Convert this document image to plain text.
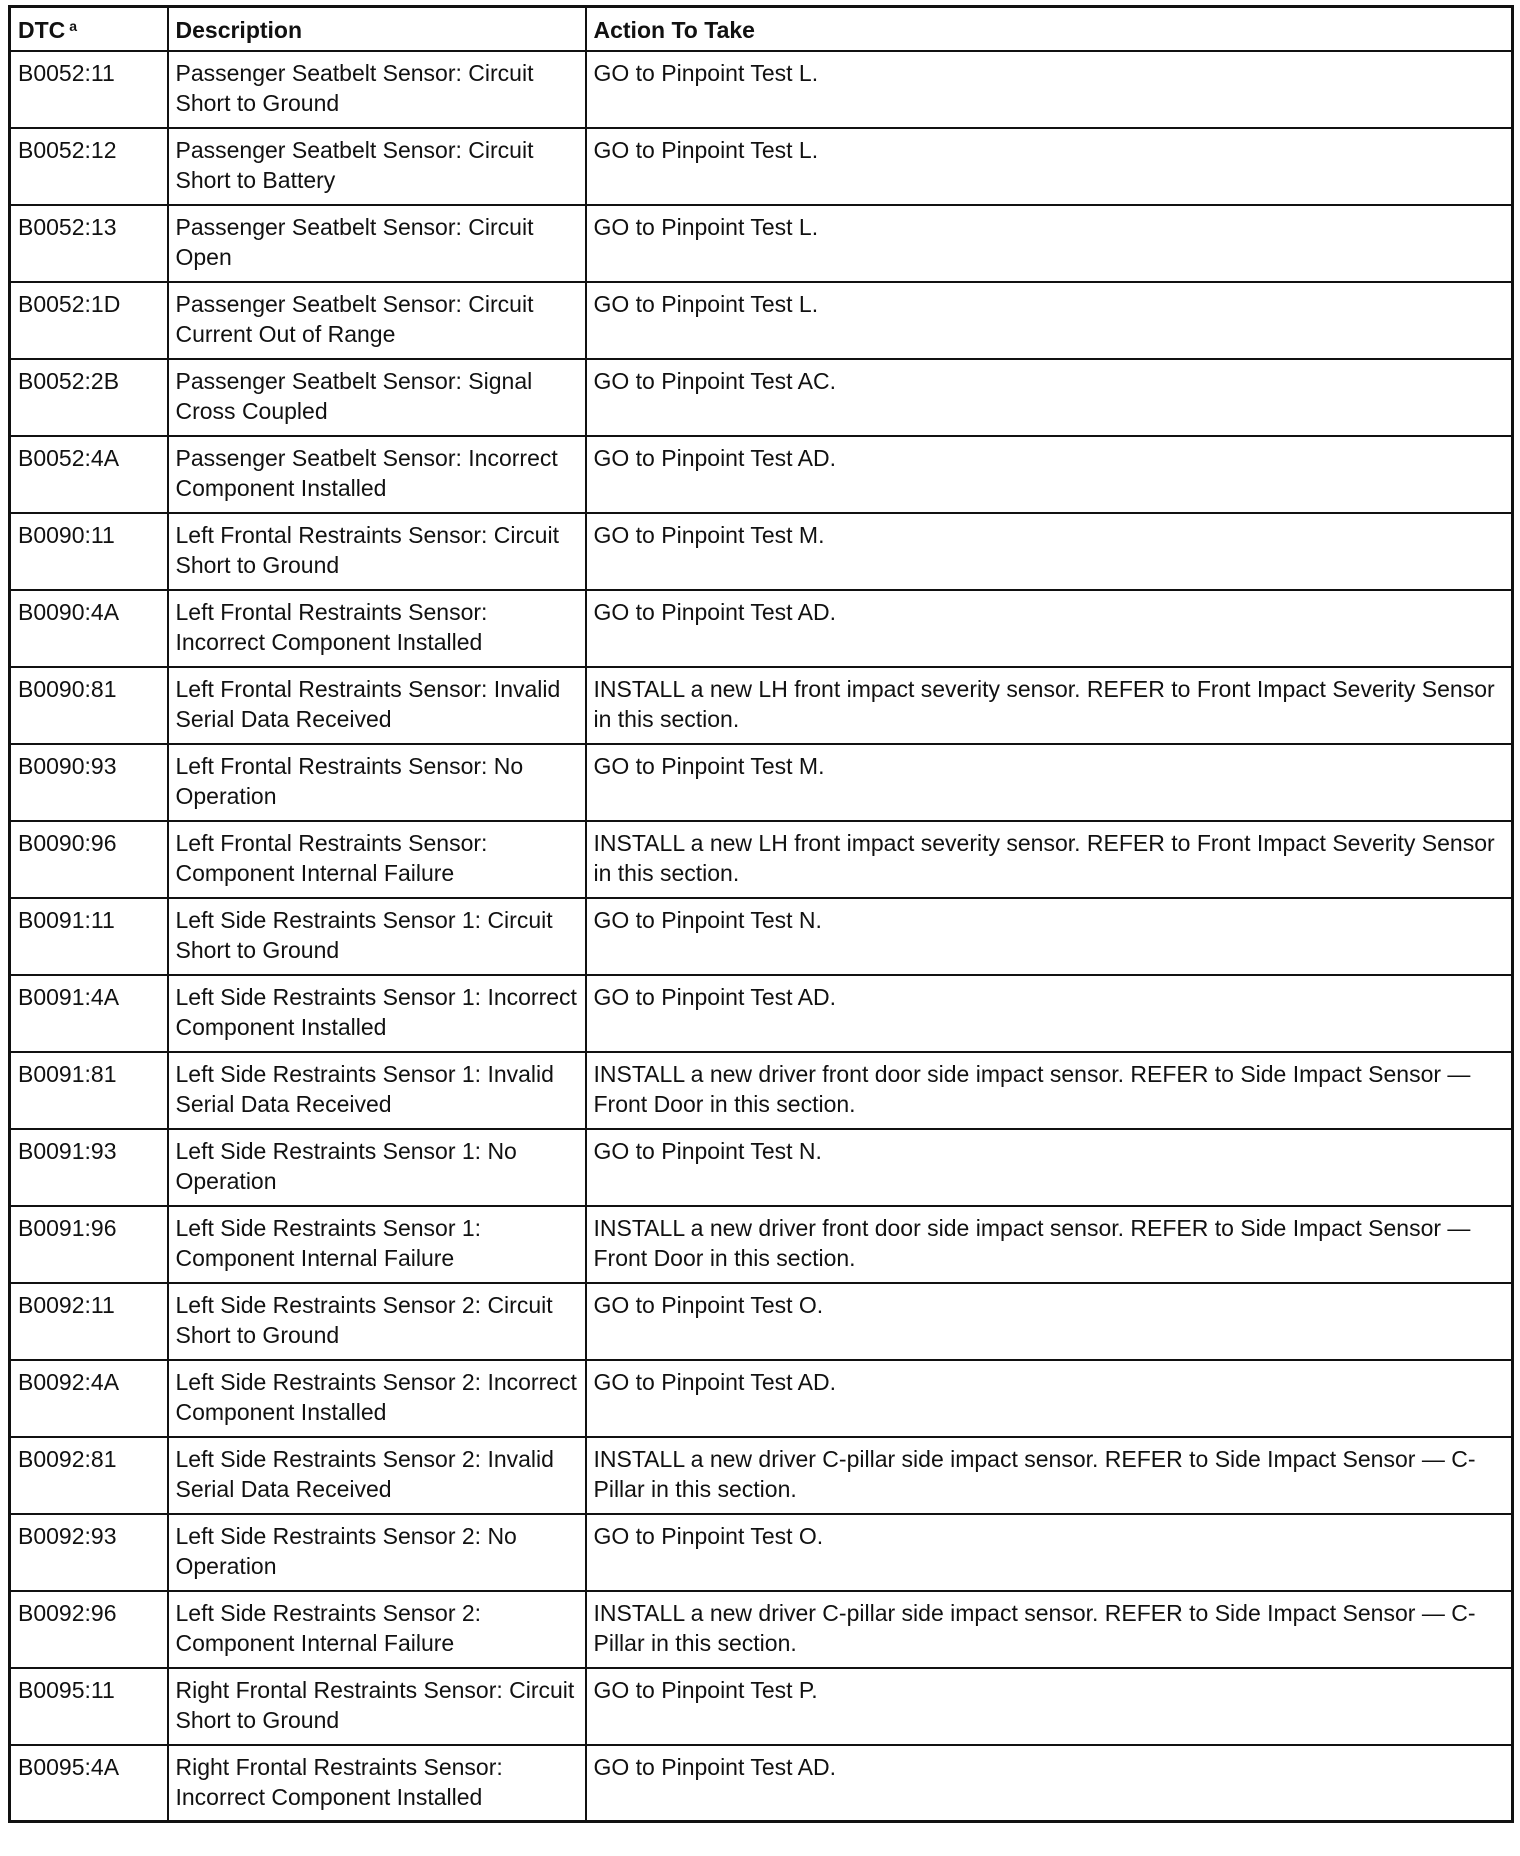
DTC $^a$	Description	Action To Take
B0052:11	Passenger Seatbelt Sensor: Circuit Short to Ground	GO to Pinpoint Test L.
B0052:12	Passenger Seatbelt Sensor: Circuit Short to Battery	GO to Pinpoint Test L.
B0052:13	Passenger Seatbelt Sensor: Circuit Open	GO to Pinpoint Test L.
B0052:1D	Passenger Seatbelt Sensor: Circuit Current Out of Range	GO to Pinpoint Test L.
B0052:2B	Passenger Seatbelt Sensor: Signal Cross Coupled	GO to Pinpoint Test AC.
B0052:4A	Passenger Seatbelt Sensor: Incorrect Component Installed	GO to Pinpoint Test AD.
B0090:11	Left Frontal Restraints Sensor: Circuit Short to Ground	GO to Pinpoint Test M.
B0090:4A	Left Frontal Restraints Sensor: Incorrect Component Installed	GO to Pinpoint Test AD.
B0090:81	Left Frontal Restraints Sensor: Invalid Serial Data Received	INSTALL a new LH front impact severity sensor. REFER to Front Impact Severity Sensor in this section.
B0090:93	Left Frontal Restraints Sensor: No Operation	GO to Pinpoint Test M.
B0090:96	Left Frontal Restraints Sensor: Component Internal Failure	INSTALL a new LH front impact severity sensor. REFER to Front Impact Severity Sensor in this section.
B0091:11	Left Side Restraints Sensor 1: Circuit Short to Ground	GO to Pinpoint Test N.
B0091:4A	Left Side Restraints Sensor 1: Incorrect Component Installed	GO to Pinpoint Test AD.
B0091:81	Left Side Restraints Sensor 1: Invalid Serial Data Received	INSTALL a new driver front door side impact sensor. REFER to Side Impact Sensor — Front Door in this section.
B0091:93	Left Side Restraints Sensor 1: No Operation	GO to Pinpoint Test N.
B0091:96	Left Side Restraints Sensor 1: Component Internal Failure	INSTALL a new driver front door side impact sensor. REFER to Side Impact Sensor — Front Door in this section.
B0092:11	Left Side Restraints Sensor 2: Circuit Short to Ground	GO to Pinpoint Test O.
B0092:4A	Left Side Restraints Sensor 2: Incorrect Component Installed	GO to Pinpoint Test AD.
B0092:81	Left Side Restraints Sensor 2: Invalid Serial Data Received	INSTALL a new driver C-pillar side impact sensor. REFER to Side Impact Sensor — C-Pillar in this section.
B0092:93	Left Side Restraints Sensor 2: No Operation	GO to Pinpoint Test O.
B0092:96	Left Side Restraints Sensor 2: Component Internal Failure	INSTALL a new driver C-pillar side impact sensor. REFER to Side Impact Sensor — C-Pillar in this section.
B0095:11	Right Frontal Restraints Sensor: Circuit Short to Ground	GO to Pinpoint Test P.
B0095:4A	Right Frontal Restraints Sensor: Incorrect Component Installed	GO to Pinpoint Test AD.
